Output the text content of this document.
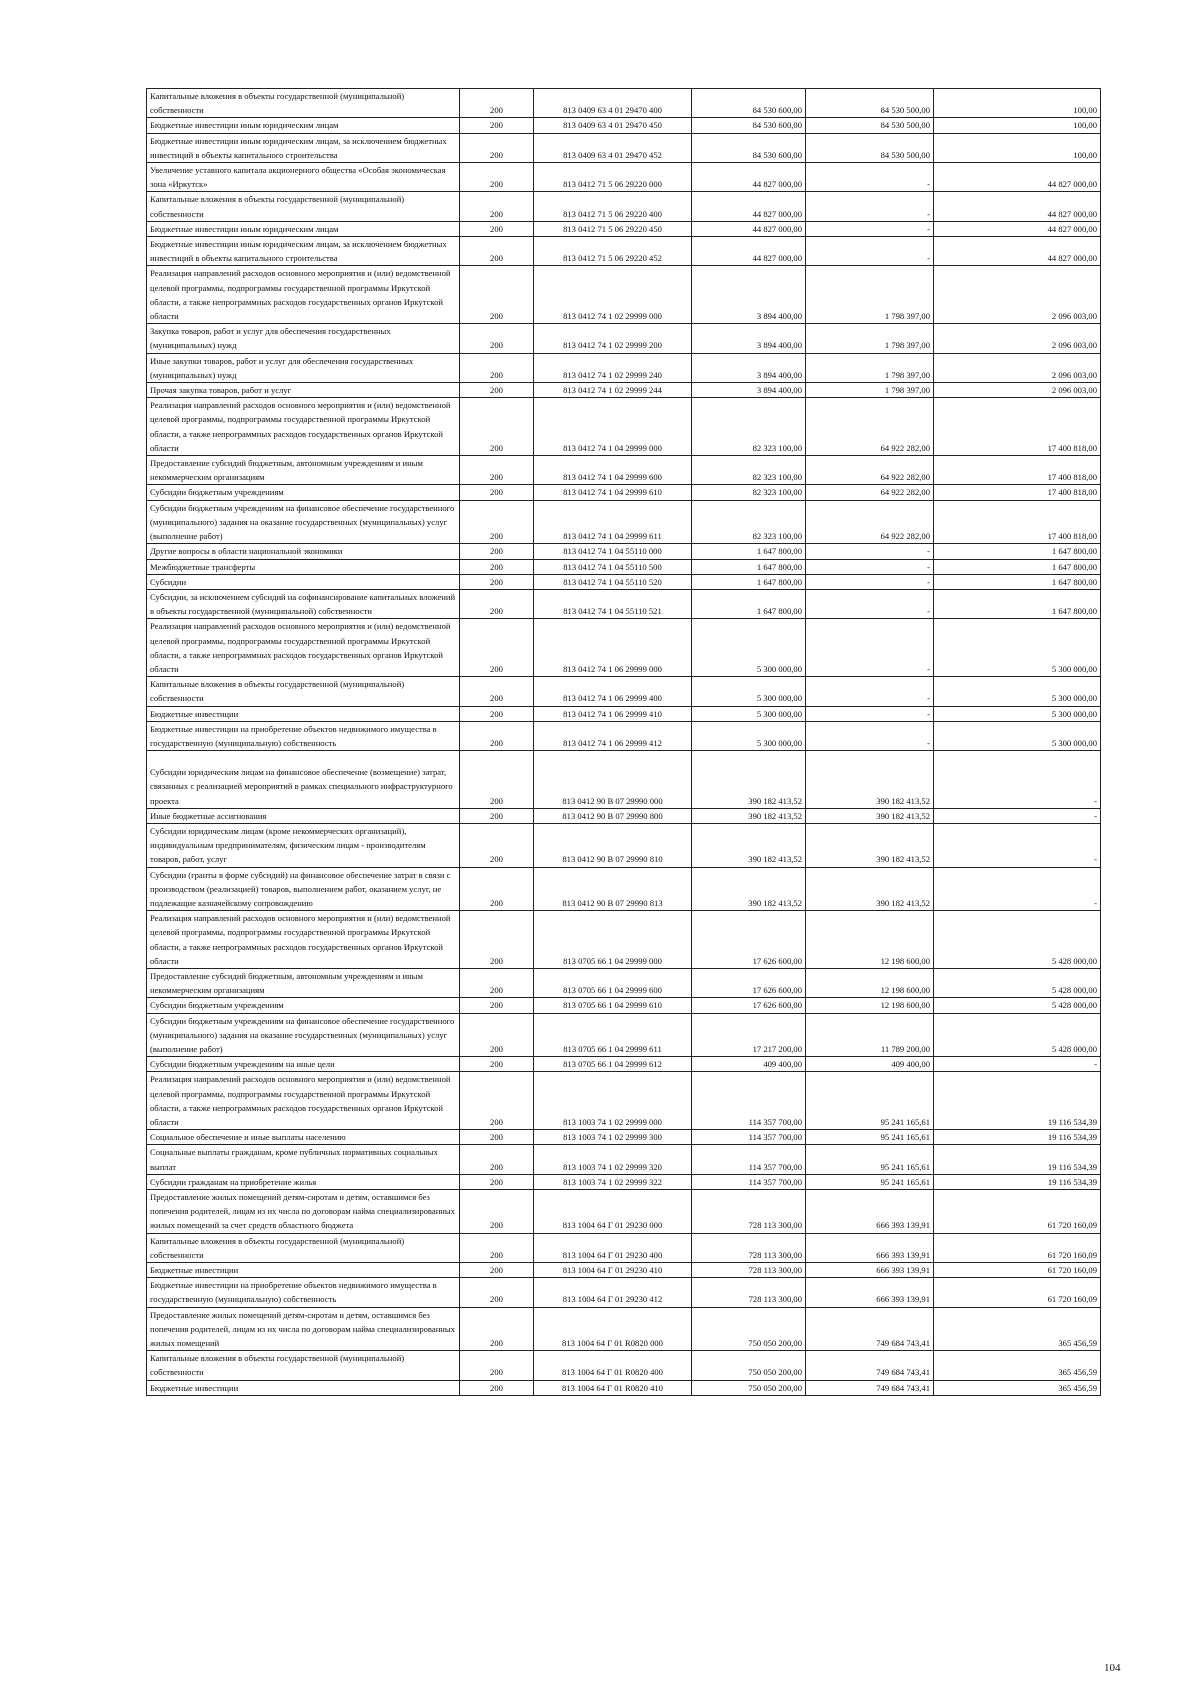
Капитальные вложения в объекты государственной (муниципальной) собственности	200	813 0409 63 4 01 29470 400	84 530 600,00	84 530 500,00	100,00
Бюджетные инвестиции иным юридическим лицам	200	813 0409 63 4 01 29470 450	84 530 600,00	84 530 500,00	100,00
Бюджетные инвестиции иным юридическим лицам, за исключением бюджетных инвестиций в объекты капитального строительства	200	813 0409 63 4 01 29470 452	84 530 600,00	84 530 500,00	100,00
Увеличение уставного капитала акционерного общества «Особая экономическая зона «Иркутск»	200	813 0412 71 5 06 29220 000	44 827 000,00	-	44 827 000,00
Капитальные вложения в объекты государственной (муниципальной) собственности	200	813 0412 71 5 06 29220 400	44 827 000,00	-	44 827 000,00
Бюджетные инвестиции иным юридическим лицам	200	813 0412 71 5 06 29220 450	44 827 000,00	-	44 827 000,00
Бюджетные инвестиции иным юридическим лицам, за исключением бюджетных инвестиций в объекты капитального строительства	200	813 0412 71 5 06 29220 452	44 827 000,00	-	44 827 000,00
Реализация направлений расходов основного мероприятия и (или) ведомственной целевой программы, подпрограммы государственной программы Иркутской области, а также непрограммных расходов государственных органов Иркутской области	200	813 0412 74 1 02 29999 000	3 894 400,00	1 798 397,00	2 096 003,00
Закупка товаров, работ и услуг для обеспечения государственных (муниципальных) нужд	200	813 0412 74 1 02 29999 200	3 894 400,00	1 798 397,00	2 096 003,00
Иные закупки товаров, работ и услуг для обеспечения государственных (муниципальных) нужд	200	813 0412 74 1 02 29999 240	3 894 400,00	1 798 397,00	2 096 003,00
Прочая закупка товаров, работ и услуг	200	813 0412 74 1 02 29999 244	3 894 400,00	1 798 397,00	2 096 003,00
Реализация направлений расходов основного мероприятия и (или) ведомственной целевой программы, подпрограммы государственной программы Иркутской области, а также непрограммных расходов государственных органов Иркутской области	200	813 0412 74 1 04 29999 000	82 323 100,00	64 922 282,00	17 400 818,00
Предоставление субсидий бюджетным, автономным учреждениям и иным некоммерческим организациям	200	813 0412 74 1 04 29999 600	82 323 100,00	64 922 282,00	17 400 818,00
Субсидии бюджетным учреждениям	200	813 0412 74 1 04 29999 610	82 323 100,00	64 922 282,00	17 400 818,00
Субсидии бюджетным учреждениям на финансовое обеспечение государственного (муниципального) задания на оказание государственных (муниципальных) услуг (выполнение работ)	200	813 0412 74 1 04 29999 611	82 323 100,00	64 922 282,00	17 400 818,00
Другие вопросы в области национальной экономики	200	813 0412 74 1 04 55110 000	1 647 800,00	-	1 647 800,00
Межбюджетные трансферты	200	813 0412 74 1 04 55110 500	1 647 800,00	-	1 647 800,00
Субсидии	200	813 0412 74 1 04 55110 520	1 647 800,00	-	1 647 800,00
Субсидии, за исключением субсидий на софинансирование капитальных вложений в объекты государственной (муниципальной) собственности	200	813 0412 74 1 04 55110 521	1 647 800,00	-	1 647 800,00
Реализация направлений расходов основного мероприятия и (или) ведомственной целевой программы, подпрограммы государственной программы Иркутской области, а также непрограммных расходов государственных органов Иркутской области	200	813 0412 74 1 06 29999 000	5 300 000,00	-	5 300 000,00
Капитальные вложения в объекты государственной (муниципальной) собственности	200	813 0412 74 1 06 29999 400	5 300 000,00	-	5 300 000,00
Бюджетные инвестиции	200	813 0412 74 1 06 29999 410	5 300 000,00	-	5 300 000,00
Бюджетные инвестиции на приобретение объектов недвижимого имущества в государственную (муниципальную) собственность	200	813 0412 74 1 06 29999 412	5 300 000,00	-	5 300 000,00
Субсидии юридическим лицам на финансовое обеспечение (возмещение) затрат, связанных с реализацией мероприятий в рамках специального инфраструктурного проекта	200	813 0412 90 В 07 29990 000	390 182 413,52	390 182 413,52	-
Иные бюджетные ассигнования	200	813 0412 90 В 07 29990 800	390 182 413,52	390 182 413,52	-
Субсидии юридическим лицам (кроме некоммерческих организаций), индивидуальным предпринимателям, физическим лицам - производителям товаров, работ, услуг	200	813 0412 90 В 07 29990 810	390 182 413,52	390 182 413,52	-
Субсидии (гранты в форме субсидий) на финансовое обеспечение затрат в связи с производством (реализацией) товаров, выполнением работ, оказанием услуг, не подлежащие казначейскому сопровождению	200	813 0412 90 В 07 29990 813	390 182 413,52	390 182 413,52	-
Реализация направлений расходов основного мероприятия и (или) ведомственной целевой программы, подпрограммы государственной программы Иркутской области, а также непрограммных расходов государственных органов Иркутской области	200	813 0705 66 1 04 29999 000	17 626 600,00	12 198 600,00	5 428 000,00
Предоставление субсидий бюджетным, автономным учреждениям и иным некоммерческим организациям	200	813 0705 66 1 04 29999 600	17 626 600,00	12 198 600,00	5 428 000,00
Субсидии бюджетным учреждениям	200	813 0705 66 1 04 29999 610	17 626 600,00	12 198 600,00	5 428 000,00
Субсидии бюджетным учреждениям на финансовое обеспечение государственного (муниципального) задания на оказание государственных (муниципальных) услуг (выполнение работ)	200	813 0705 66 1 04 29999 611	17 217 200,00	11 789 200,00	5 428 000,00
Субсидии бюджетным учреждениям на иные цели	200	813 0705 66 1 04 29999 612	409 400,00	409 400,00	-
Реализация направлений расходов основного мероприятия и (или) ведомственной целевой программы, подпрограммы государственной программы Иркутской области, а также непрограммных расходов государственных органов Иркутской области	200	813 1003 74 1 02 29999 000	114 357 700,00	95 241 165,61	19 116 534,39
Социальное обеспечение и иные выплаты населению	200	813 1003 74 1 02 29999 300	114 357 700,00	95 241 165,61	19 116 534,39
Социальные выплаты гражданам, кроме публичных нормативных социальных выплат	200	813 1003 74 1 02 29999 320	114 357 700,00	95 241 165,61	19 116 534,39
Субсидии гражданам на приобретение жилья	200	813 1003 74 1 02 29999 322	114 357 700,00	95 241 165,61	19 116 534,39
Предоставление жилых помещений детям-сиротам и детям, оставшимся без попечения родителей, лицам из их числа по договорам найма специализированных жилых помещений за счет средств областного бюджета	200	813 1004 64 Г 01 29230 000	728 113 300,00	666 393 139,91	61 720 160,09
Капитальные вложения в объекты государственной (муниципальной) собственности	200	813 1004 64 Г 01 29230 400	728 113 300,00	666 393 139,91	61 720 160,09
Бюджетные инвестиции	200	813 1004 64 Г 01 29230 410	728 113 300,00	666 393 139,91	61 720 160,09
Бюджетные инвестиции на приобретение объектов недвижимого имущества в государственную (муниципальную) собственность	200	813 1004 64 Г 01 29230 412	728 113 300,00	666 393 139,91	61 720 160,09
Предоставление жилых помещений детям-сиротам и детям, оставшимся без попечения родителей, лицам из их числа по договорам найма специализированных жилых помещений	200	813 1004 64 Г 01 R0820 000	750 050 200,00	749 684 743,41	365 456,59
Капитальные вложения в объекты государственной (муниципальной) собственности	200	813 1004 64 Г 01 R0820 400	750 050 200,00	749 684 743,41	365 456,59
Бюджетные инвестиции	200	813 1004 64 Г 01 R0820 410	750 050 200,00	749 684 743,41	365 456,59
104
